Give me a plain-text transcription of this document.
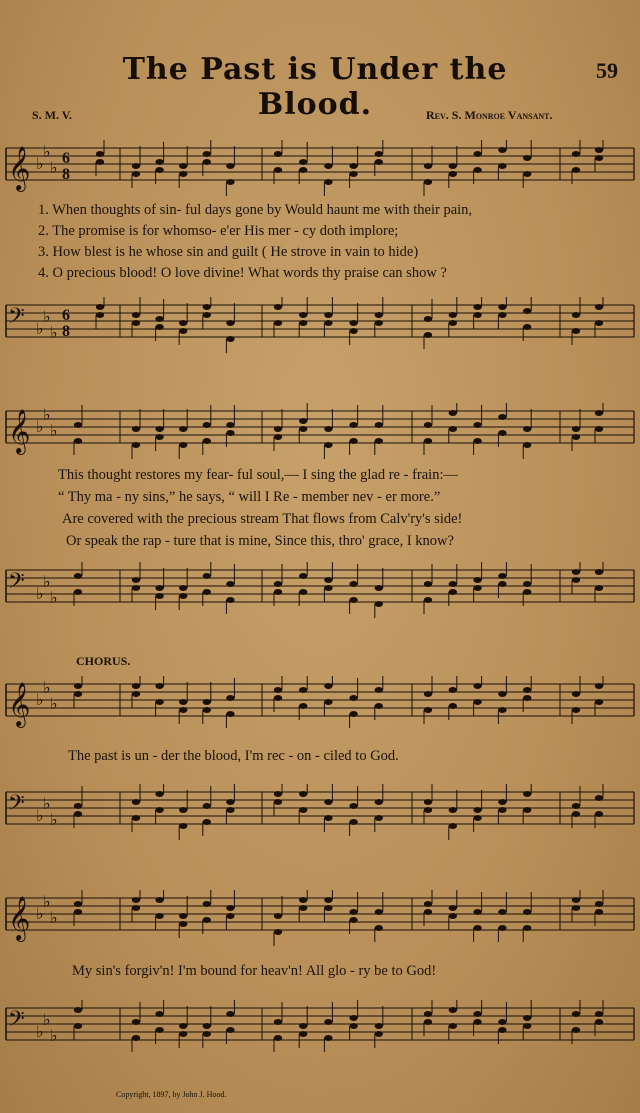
The Past is Under the Blood.
59
S. M. V.	Rev. S. Monroe Vansant.
𝄞 ♭
♭
♭ 6
8
1. When thoughts of sin- ful days gone by Would haunt me with their pain,
2. The promise is for whomso- e'er His mer - cy doth implore;
3. How blest is he whose sin and guilt ( He strove in vain to hide)
4. O precious blood! O love divine! What words thy praise can show ?
𝄢 ♭
♭
♭
6
8
𝄞 ♭
♭
♭
This thought restores my fear- ful soul,— I sing the glad re - frain:—
“ Thy ma - ny sins,” he says, “ will I Re - member nev - er more.”
Are covered with the precious stream That flows from Calv'ry's side!
Or speak the rap - ture that is mine, Since this, thro' grace, I know?
𝄢 ♭
♭
♭
CHORUS.
𝄞 ♭
♭
♭
The past is un - der the blood, I'm rec - on - ciled to God.
𝄢 ♭
♭
♭
𝄞 ♭
♭
♭
My sin's forgiv'n! I'm bound for heav'n! All glo - ry be to God!
𝄢 ♭
♭
♭
Copyright, 1897, by John J. Hood.
